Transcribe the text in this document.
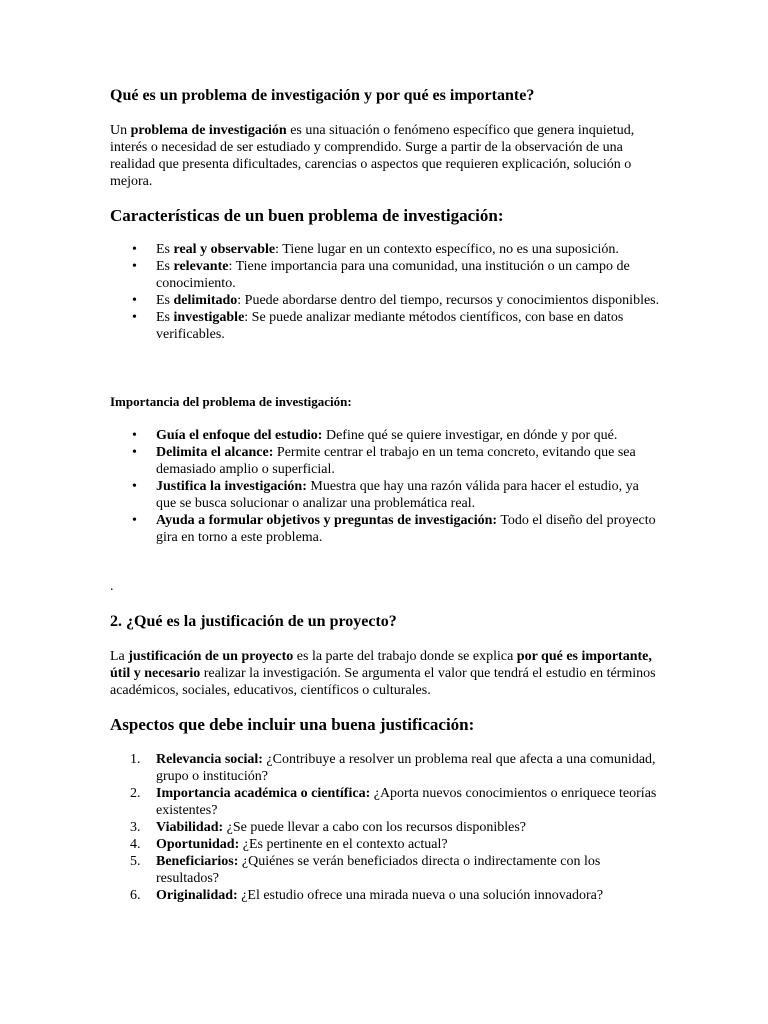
Qué es un problema de investigación y por qué es importante?

Un problema de investigación es una situación o fenómeno específico que genera inquietud, interés o necesidad de ser estudiado y comprendido. Surge a partir de la observación de una realidad que presenta dificultades, carencias o aspectos que requieren explicación, solución o mejora.

Características de un buen problema de investigación:
• Es real y observable: Tiene lugar en un contexto específico, no es una suposición.
• Es relevante: Tiene importancia para una comunidad, una institución o un campo de conocimiento.
• Es delimitado: Puede abordarse dentro del tiempo, recursos y conocimientos disponibles.
• Es investigable: Se puede analizar mediante métodos científicos, con base en datos verificables.
Importancia del problema de investigación:
• Guía el enfoque del estudio: Define qué se quiere investigar, en dónde y por qué.
• Delimita el alcance: Permite centrar el trabajo en un tema concreto, evitando que sea demasiado amplio o superficial.
• Justifica la investigación: Muestra que hay una razón válida para hacer el estudio, ya que se busca solucionar o analizar una problemática real.
• Ayuda a formular objetivos y preguntas de investigación: Todo el diseño del proyecto gira en torno a este problema.

.

2. ¿Qué es la justificación de un proyecto?

La justificación de un proyecto es la parte del trabajo donde se explica por qué es importante, útil y necesario realizar la investigación. Se argumenta el valor que tendrá el estudio en términos académicos, sociales, educativos, científicos o culturales.

Aspectos que debe incluir una buena justificación:
1.	Relevancia social: ¿Contribuye a resolver un problema real que afecta a una comunidad, grupo o institución?
2.	Importancia académica o científica: ¿Aporta nuevos conocimientos o enriquece teorías existentes?
3.	Viabilidad: ¿Se puede llevar a cabo con los recursos disponibles?
4.	Oportunidad: ¿Es pertinente en el contexto actual?
5.	Beneficiarios: ¿Quiénes se verán beneficiados directa o indirectamente con los resultados?
6.	Originalidad: ¿El estudio ofrece una mirada nueva o una solución innovadora?
